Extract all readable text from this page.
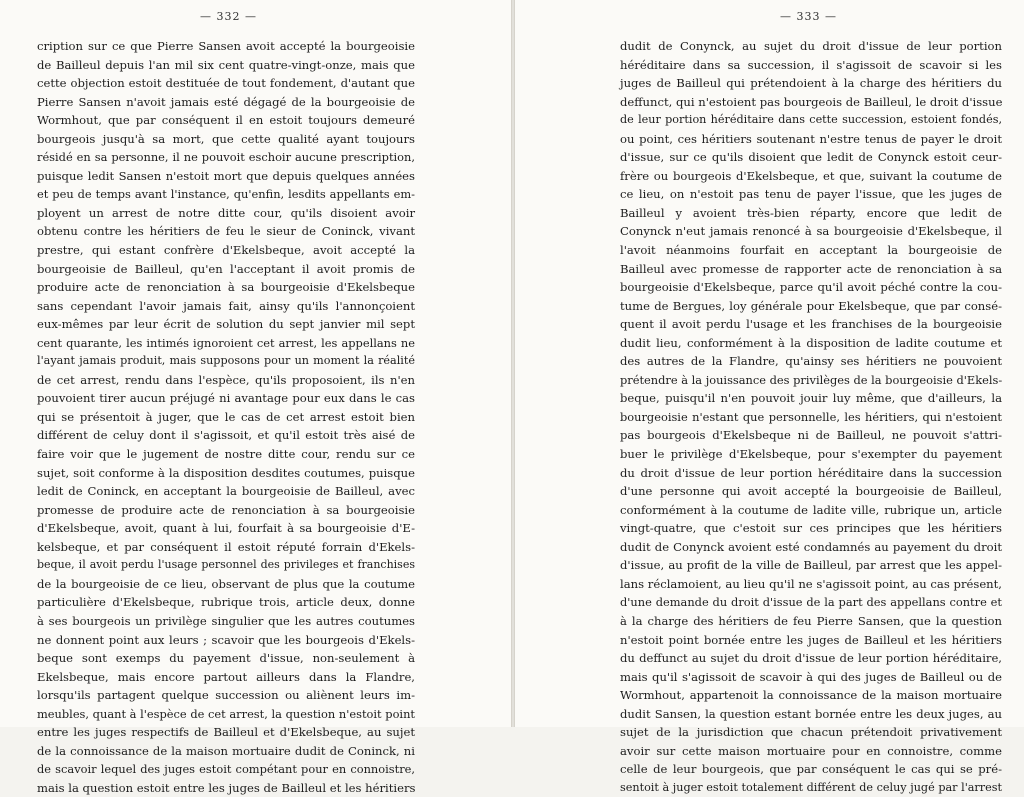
— 332 —
cription sur ce que Pierre Sansen avoit accepté la bourgeoisie
de Bailleul depuis l'an mil six cent quatre-vingt-onze, mais que
cette objection estoit destituée de tout fondement, d'autant que
Pierre Sansen n'avoit jamais esté dégagé de la bourgeoisie de
Wormhout, que par conséquent il en estoit toujours demeuré
bourgeois jusqu'à sa mort, que cette qualité ayant toujours
résidé en sa personne, il ne pouvoit eschoir aucune prescription,
puisque ledit Sansen n'estoit mort que depuis quelques années
et peu de temps avant l'instance, qu'enfin, lesdits appellants em-
ployent un arrest de notre ditte cour, qu'ils disoient avoir
obtenu contre les héritiers de feu le sieur de Coninck, vivant
prestre, qui estant confrère d'Ekelsbeque, avoit accepté la
bourgeoisie de Bailleul, qu'en l'acceptant il avoit promis de
produire acte de renonciation à sa bourgeoisie d'Ekelsbeque
sans cependant l'avoir jamais fait, ainsy qu'ils l'annonçoient
eux-mêmes par leur écrit de solution du sept janvier mil sept
cent quarante, les intimés ignoroient cet arrest, les appellans ne
l'ayant jamais produit, mais supposons pour un moment la réalité
de cet arrest, rendu dans l'espèce, qu'ils proposoient, ils n'en
pouvoient tirer aucun préjugé ni avantage pour eux dans le cas
qui se présentoit à juger, que le cas de cet arrest estoit bien
différent de celuy dont il s'agissoit, et qu'il estoit très aisé de
faire voir que le jugement de nostre ditte cour, rendu sur ce
sujet, soit conforme à la disposition desdites coutumes, puisque
ledit de Coninck, en acceptant la bourgeoisie de Bailleul, avec
promesse de produire acte de renonciation à sa bourgeoisie
d'Ekelsbeque, avoit, quant à lui, fourfait à sa bourgeoisie d'E-
kelsbeque, et par conséquent il estoit réputé forrain d'Ekels-
beque, il avoit perdu l'usage personnel des privileges et franchises
de la bourgeoisie de ce lieu, observant de plus que la coutume
particulière d'Ekelsbeque, rubrique trois, article deux, donne
à ses bourgeois un privilège singulier que les autres coutumes
ne donnent point aux leurs ; scavoir que les bourgeois d'Ekels-
beque sont exemps du payement d'issue, non-seulement à
Ekelsbeque, mais encore partout ailleurs dans la Flandre,
lorsqu'ils partagent quelque succession ou aliènent leurs im-
meubles, quant à l'espèce de cet arrest, la question n'estoit point
entre les juges respectifs de Bailleul et d'Ekelsbeque, au sujet
de la connoissance de la maison mortuaire dudit de Coninck, ni
de scavoir lequel des juges estoit compétant pour en connoistre,
mais la question estoit entre les juges de Bailleul et les héritiers
— 333 —
dudit de Conynck, au sujet du droit d'issue de leur portion
héréditaire dans sa succession, il s'agissoit de scavoir si les
juges de Bailleul qui prétendoient à la charge des héritiers du
deffunct, qui n'estoient pas bourgeois de Bailleul, le droit d'issue
de leur portion héréditaire dans cette succession, estoient fondés,
ou point, ces héritiers soutenant n'estre tenus de payer le droit
d'issue, sur ce qu'ils disoient que ledit de Conynck estoit ceur-
frère ou bourgeois d'Ekelsbeque, et que, suivant la coutume de
ce lieu, on n'estoit pas tenu de payer l'issue, que les juges de
Bailleul y avoient très-bien réparty, encore que ledit de
Conynck n'eut jamais renoncé à sa bourgeoisie d'Ekelsbeque, il
l'avoit néanmoins fourfait en acceptant la bourgeoisie de
Bailleul avec promesse de rapporter acte de renonciation à sa
bourgeoisie d'Ekelsbeque, parce qu'il avoit péché contre la cou-
tume de Bergues, loy générale pour Ekelsbeque, que par consé-
quent il avoit perdu l'usage et les franchises de la bourgeoisie
dudit lieu, conformément à la disposition de ladite coutume et
des autres de la Flandre, qu'ainsy ses héritiers ne pouvoient
prétendre à la jouissance des privilèges de la bourgeoisie d'Ekels-
beque, puisqu'il n'en pouvoit jouir luy même, que d'ailleurs, la
bourgeoisie n'estant que personnelle, les héritiers, qui n'estoient
pas bourgeois d'Ekelsbeque ni de Bailleul, ne pouvoit s'attri-
buer le privilège d'Ekelsbeque, pour s'exempter du payement
du droit d'issue de leur portion héréditaire dans la succession
d'une personne qui avoit accepté la bourgeoisie de Bailleul,
conformément à la coutume de ladite ville, rubrique un, article
vingt-quatre, que c'estoit sur ces principes que les héritiers
dudit de Conynck avoient esté condamnés au payement du droit
d'issue, au profit de la ville de Bailleul, par arrest que les appel-
lans réclamoient, au lieu qu'il ne s'agissoit point, au cas présent,
d'une demande du droit d'issue de la part des appellans contre et
à la charge des héritiers de feu Pierre Sansen, que la question
n'estoit point bornée entre les juges de Bailleul et les héritiers
du deffunct au sujet du droit d'issue de leur portion héréditaire,
mais qu'il s'agissoit de scavoir à qui des juges de Bailleul ou de
Wormhout, appartenoit la connoissance de la maison mortuaire
dudit Sansen, la question estant bornée entre les deux juges, au
sujet de la jurisdiction que chacun prétendoit privativement
avoir sur cette maison mortuaire pour en connoistre, comme
celle de leur bourgeois, que par conséquent le cas qui se pré-
sentoit à juger estoit totalement différent de celuy jugé par l'arrest
